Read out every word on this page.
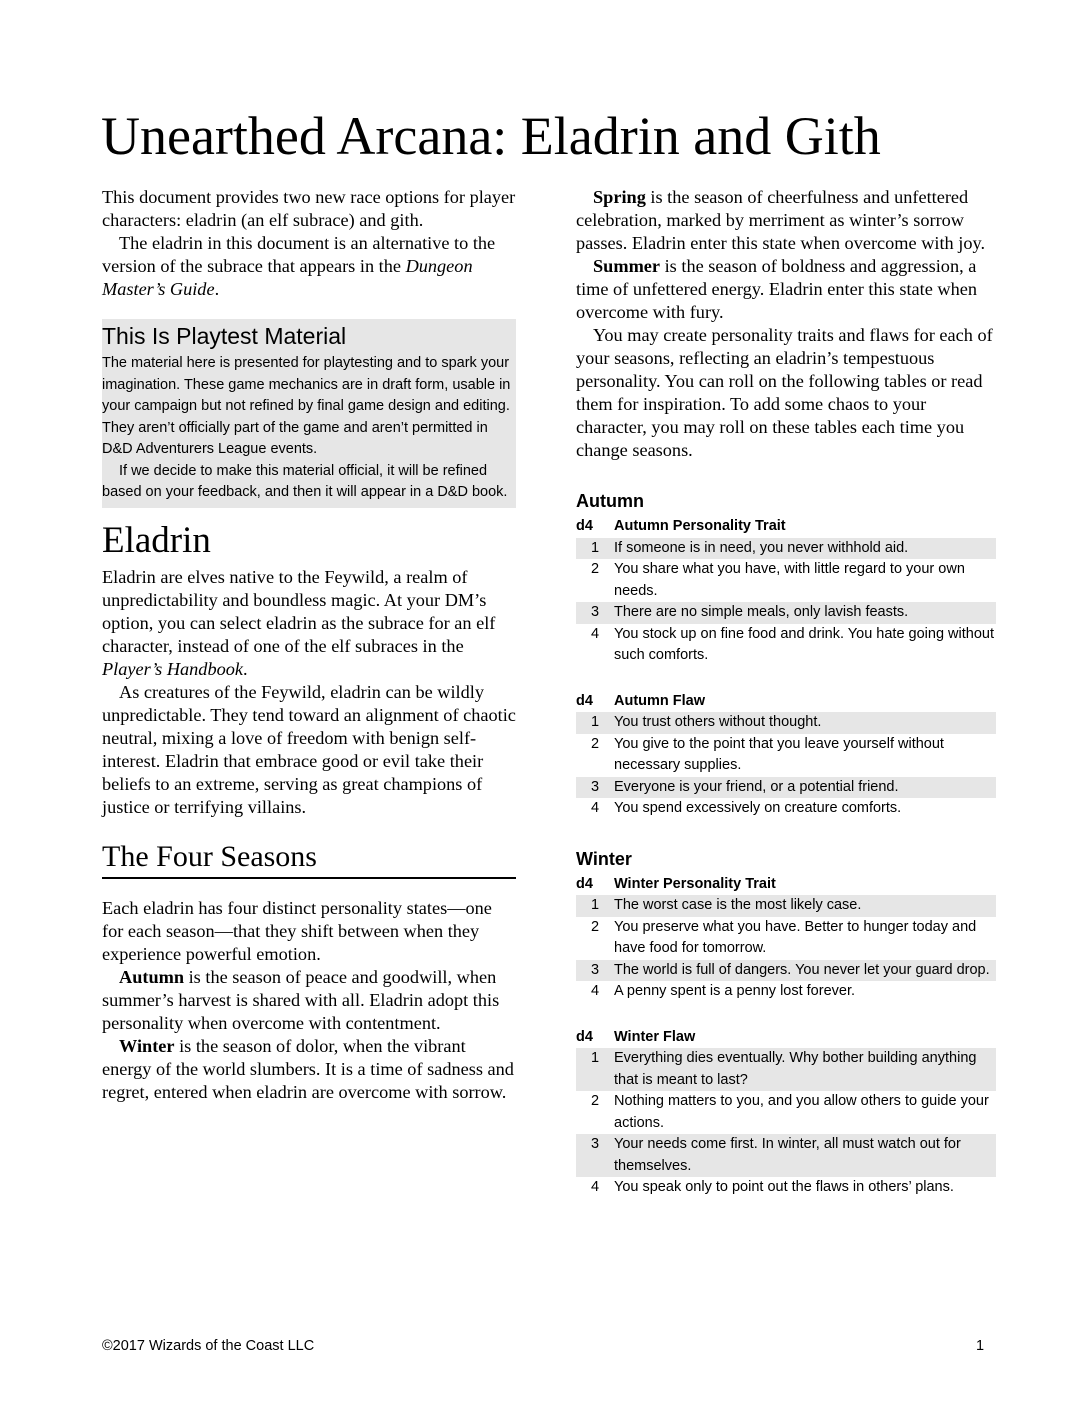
Unearthed Arcana: Eladrin and Gith

This document provides two new race options for player characters: eladrin (an elf subrace) and gith.

The eladrin in this document is an alternative to the version of the subrace that appears in the Dungeon Master’s Guide.

This Is Playtest Material

The material here is presented for playtesting and to spark your imagination. These game mechanics are in draft form, usable in your campaign but not refined by final game design and editing. They aren’t officially part of the game and aren’t permitted in D&D Adventurers League events.

If we decide to make this material official, it will be refined based on your feedback, and then it will appear in a D&D book.

Eladrin

Eladrin are elves native to the Feywild, a realm of unpredictability and boundless magic. At your DM’s option, you can select eladrin as the subrace for an elf character, instead of one of the elf subraces in the Player’s Handbook.

As creatures of the Feywild, eladrin can be wildly unpredictable. They tend toward an alignment of chaotic neutral, mixing a love of freedom with benign self-interest. Eladrin that embrace good or evil take their beliefs to an extreme, serving as great champions of justice or terrifying villains.

The Four Seasons

Each eladrin has four distinct personality states—one for each season—that they shift between when they experience powerful emotion.

Autumn is the season of peace and goodwill, when summer’s harvest is shared with all. Eladrin adopt this personality when overcome with contentment.

Winter is the season of dolor, when the vibrant energy of the world slumbers. It is a time of sadness and regret, entered when eladrin are overcome with sorrow.

Spring is the season of cheerfulness and unfettered celebration, marked by merriment as winter’s sorrow passes. Eladrin enter this state when overcome with joy.

Summer is the season of boldness and aggression, a time of unfettered energy. Eladrin enter this state when overcome with fury.

You may create personality traits and flaws for each of your seasons, reflecting an eladrin’s tempestuous personality. You can roll on the following tables or read them for inspiration. To add some chaos to your character, you may roll on these tables each time you change seasons.

Autumn
d4	Autumn Personality Trait
1	If someone is in need, you never withhold aid.
2	You share what you have, with little regard to your own needs.
3	There are no simple meals, only lavish feasts.
4	You stock up on fine food and drink. You hate going without such comforts.
d4	Autumn Flaw
1	You trust others without thought.
2	You give to the point that you leave yourself without necessary supplies.
3	Everyone is your friend, or a potential friend.
4	You spend excessively on creature comforts.
Winter
d4	Winter Personality Trait
1	The worst case is the most likely case.
2	You preserve what you have. Better to hunger today and have food for tomorrow.
3	The world is full of dangers. You never let your guard drop.
4	A penny spent is a penny lost forever.
d4	Winter Flaw
1	Everything dies eventually. Why bother building anything that is meant to last?
2	Nothing matters to you, and you allow others to guide your actions.
3	Your needs come first. In winter, all must watch out for themselves.
4	You speak only to point out the flaws in others’ plans.
©2017 Wizards of the Coast LLC	1
